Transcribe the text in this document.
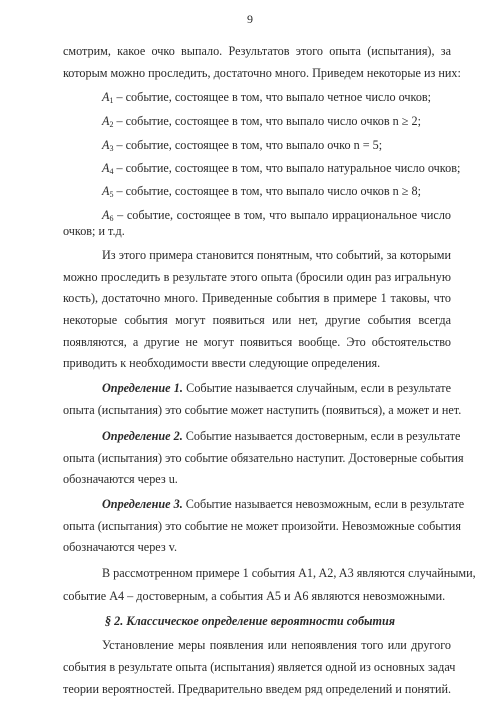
9
смотрим, какое очко выпало. Результатов этого опыта (испытания), за
которым можно проследить, достаточно много. Приведем некоторые из них:
$A_1$ – событие, состоящее в том, что выпало четное число очков;
$A_2$ – событие, состоящее в том, что выпало число очков n ≥ 2;
$A_3$ – событие, состоящее в том, что выпало очко n = 5;
$A_4$ – событие, состоящее в том, что выпало натуральное число очков;
$A_5$ – событие, состоящее в том, что выпало число очков n ≥ 8;
$A_6$ – событие, состоящее в том, что выпало иррациональное число
очков; и т.д.
Из этого примера становится понятным, что событий, за которыми
можно проследить в результате этого опыта (бросили один раз игральную
кость), достаточно много. Приведенные события в примере 1 таковы, что
некоторые события могут появиться или нет, другие события всегда
появляются, а другие не могут появиться вообще. Это обстоятельство
приводить к необходимости ввести следующие определения.
Определение 1. Событие называется случайным, если в результате
опыта (испытания) это событие может наступить (появиться), а может и нет.
Определение 2. Событие называется достоверным, если в результате
опыта (испытания) это событие обязательно наступит. Достоверные события
обозначаются через u.
Определение 3. Событие называется невозможным, если в результате
опыта (испытания) это событие не может произойти. Невозможные события
обозначаются через v.
В рассмотренном примере 1 события A1, A2, A3 являются случайными,
событие A4 – достоверным, а события A5 и A6 являются невозможными.
§ 2. Классическое определение вероятности события
Установление меры появления или непоявления того или другого
события в результате опыта (испытания) является одной из основных задач
теории вероятностей. Предварительно введем ряд определений и понятий.
